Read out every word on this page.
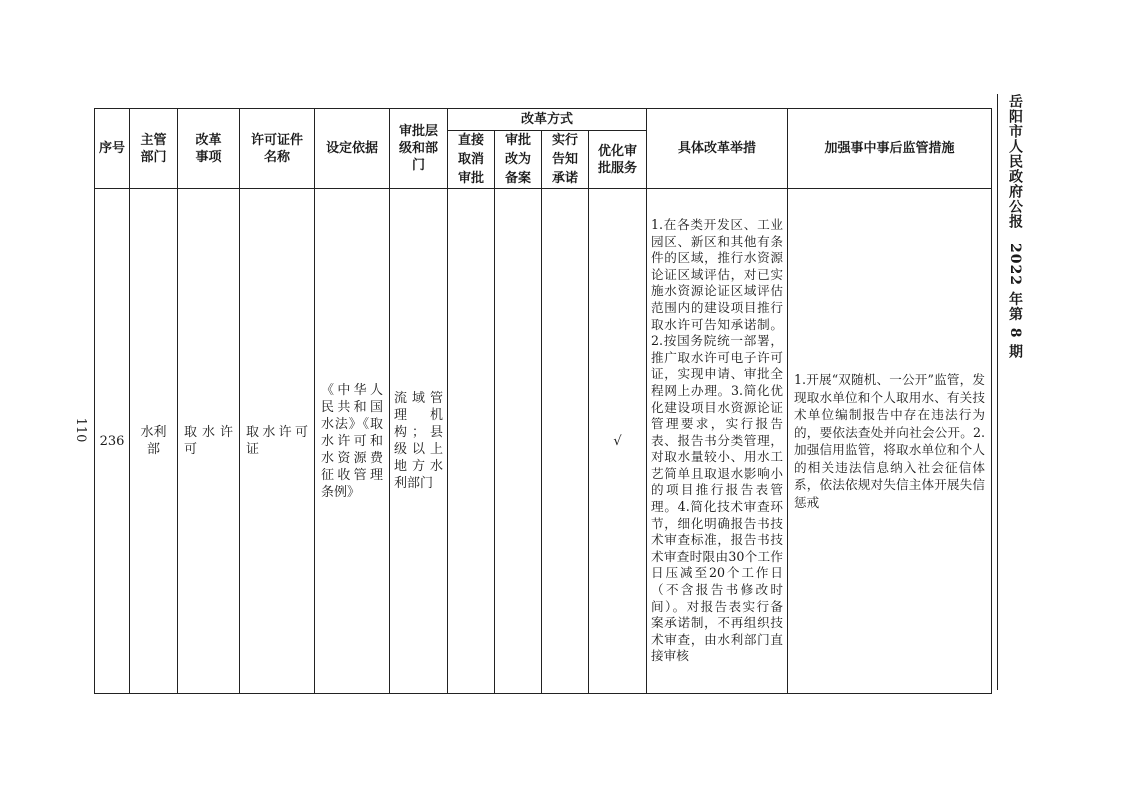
110
岳阳市人民政府公报2022 年第 8 期
序号	主管部门	改革事项	许可证件名称	设定依据	审批层级和部门	改革方式				具体改革举措	加强事中事后监管措施
						直接取消审批	审批改为备案	实行告知承诺	优化审批服务		
236	水利部	取水许可	取水许可证	《中华人民共和国水法》《取水许可和水资源费征收管理条例》	流域管理机构；县级以上地方水利部门				√	1.在各类开发区、工业园区、新区和其他有条件的区域，推行水资源论证区域评估，对已实施水资源论证区域评估范围内的建设项目推行取水许可告知承诺制。2.按国务院统一部署，推广取水许可电子许可证，实现申请、审批全程网上办理。3.简化优化建设项目水资源论证管理要求，实行报告表、报告书分类管理，对取水量较小、用水工艺简单且取退水影响小的项目推行报告表管理。4.简化技术审查环节，细化明确报告书技术审查标准，报告书技术审查时限由30个工作日压减至20个工作日（不含报告书修改时间）。对报告表实行备案承诺制，不再组织技术审查，由水利部门直接审核	1.开展“双随机、一公开”监管，发现取水单位和个人取用水、有关技术单位编制报告中存在违法行为的，要依法查处并向社会公开。2.加强信用监管，将取水单位和个人的相关违法信息纳入社会征信体系，依法依规对失信主体开展失信惩戒
